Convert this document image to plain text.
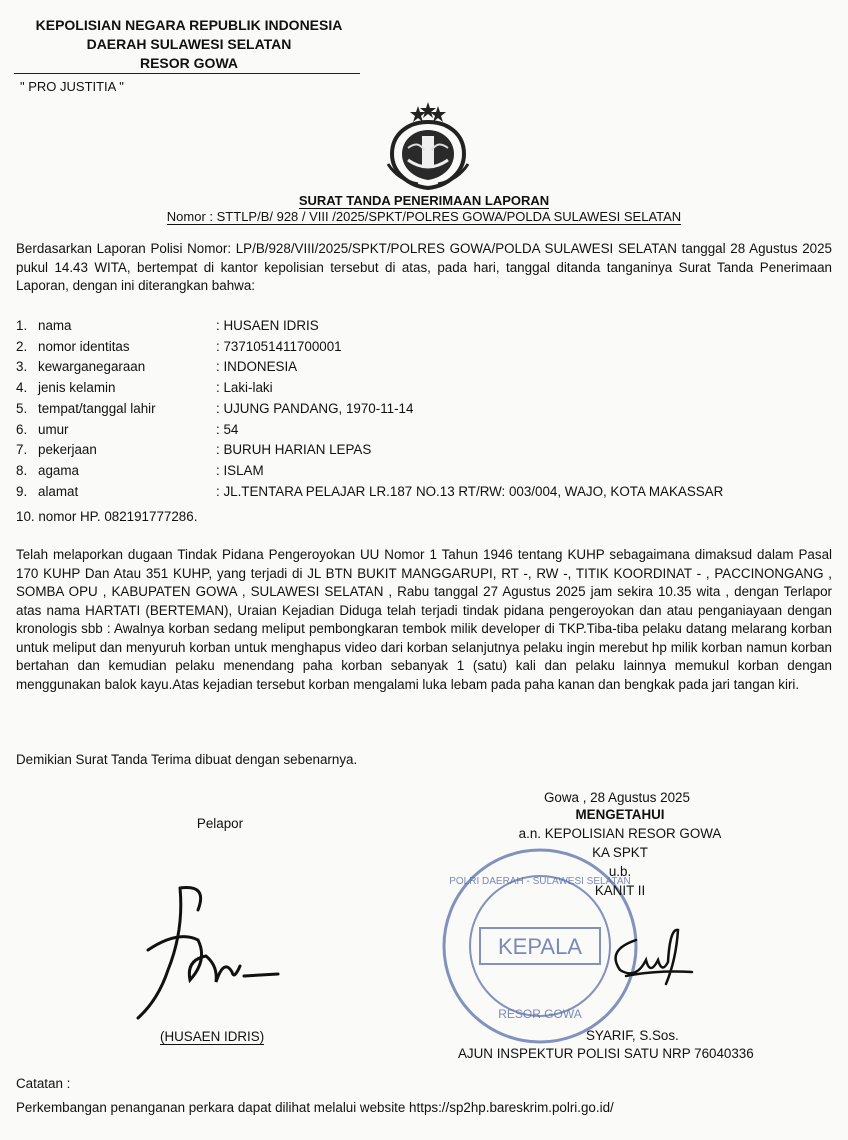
KEPOLISIAN NEGARA REPUBLIK INDONESIA
DAERAH SULAWESI SELATAN
RESOR GOWA
" PRO JUSTITIA "
SURAT TANDA PENERIMAAN LAPORAN
Nomor : STTLP/B/ 928 / VIII /2025/SPKT/POLRES GOWA/POLDA SULAWESI SELATAN
Berdasarkan Laporan Polisi Nomor: LP/B/928/VIII/2025/SPKT/POLRES GOWA/POLDA SULAWESI SELATAN tanggal 28 Agustus 2025 pukul 14.43 WITA, bertempat di kantor kepolisian tersebut di atas, pada hari, tanggal ditanda tanganinya Surat Tanda Penerimaan Laporan, dengan ini diterangkan bahwa:
1. nama	: HUSAEN IDRIS
2. nomor identitas	: 7371051411700001
3. kewarganegaraan	: INDONESIA
4. jenis kelamin	: Laki-laki
5. tempat/tanggal lahir	: UJUNG PANDANG, 1970-11-14
6. umur	: 54
7. pekerjaan	: BURUH HARIAN LEPAS
8. agama	: ISLAM
9. alamat	: JL.TENTARA PELAJAR LR.187 NO.13 RT/RW: 003/004, WAJO, KOTA MAKASSAR
10. nomor HP. 082191777286.
Telah melaporkan dugaan Tindak Pidana Pengeroyokan UU Nomor 1 Tahun 1946 tentang KUHP sebagaimana dimaksud dalam Pasal 170 KUHP Dan Atau 351 KUHP, yang terjadi di JL BTN BUKIT MANGGARUPI, RT -, RW -, TITIK KOORDINAT - , PACCINONGANG , SOMBA OPU , KABUPATEN GOWA , SULAWESI SELATAN , Rabu tanggal 27 Agustus 2025 jam sekira 10.35 wita , dengan Terlapor atas nama HARTATI (BERTEMAN), Uraian Kejadian Diduga telah terjadi tindak pidana pengeroyokan dan atau penganiayaan dengan kronologis sbb : Awalnya korban sedang meliput pembongkaran tembok milik developer di TKP.Tiba-tiba pelaku datang melarang korban untuk meliput dan menyuruh korban untuk menghapus video dari korban selanjutnya pelaku ingin merebut hp milik korban namun korban bertahan dan kemudian pelaku menendang paha korban sebanyak 1 (satu) kali dan pelaku lainnya memukul korban dengan menggunakan balok kayu.Atas kejadian tersebut korban mengalami luka lebam pada paha kanan dan bengkak pada jari tangan kiri.
Demikian Surat Tanda Terima dibuat dengan sebenarnya.
Gowa , 28 Agustus 2025
Pelapor
(HUSAEN IDRIS)
KEPALA
POLRI DAERAH - SULAWESI SELATAN
RESOR GOWA
MENGETAHUI
a.n. KEPOLISIAN RESOR GOWA
KA SPKT
u.b.
KANIT II
SYARIF, S.Sos.
AJUN INSPEKTUR POLISI SATU NRP 76040336
Catatan :
Perkembangan penanganan perkara dapat dilihat melalui website https://sp2hp.bareskrim.polri.go.id/
